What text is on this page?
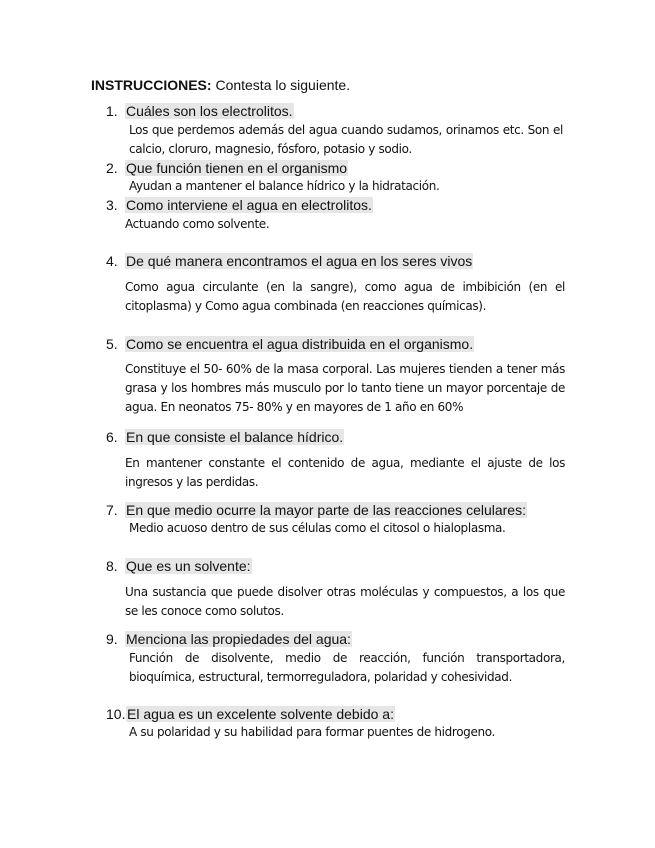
INSTRUCCIONES: Contesta lo siguiente.
1. Cuáles son los electrolitos.
Los que perdemos además del agua cuando sudamos, orinamos etc. Son el calcio, cloruro, magnesio, fósforo, potasio y sodio.
2. Que función tienen en el organismo
Ayudan a mantener el balance hídrico y la hidratación.
3. Como interviene el agua en electrolitos.
Actuando como solvente.
4. De qué manera encontramos el agua en los seres vivos
Como agua circulante (en la sangre), como agua de imbibición (en el citoplasma) y Como agua combinada (en reacciones químicas).
5. Como se encuentra el agua distribuida en el organismo.
Constituye el 50- 60% de la masa corporal. Las mujeres tienden a tener más grasa y los hombres más musculo por lo tanto tiene un mayor porcentaje de agua. En neonatos 75- 80% y en mayores de 1 año en 60%
6. En que consiste el balance hídrico.
En mantener constante el contenido de agua, mediante el ajuste de los ingresos y las perdidas.
7. En que medio ocurre la mayor parte de las reacciones celulares:
Medio acuoso dentro de sus células como el citosol o hialoplasma.
8. Que es un solvente:
Una sustancia que puede disolver otras moléculas y compuestos, a los que se les conoce como solutos.
9. Menciona las propiedades del agua:
Función de disolvente, medio de reacción, función transportadora, bioquímica, estructural, termorreguladora, polaridad y cohesividad.
10. El agua es un excelente solvente debido a:
A su polaridad y su habilidad para formar puentes de hidrogeno.
